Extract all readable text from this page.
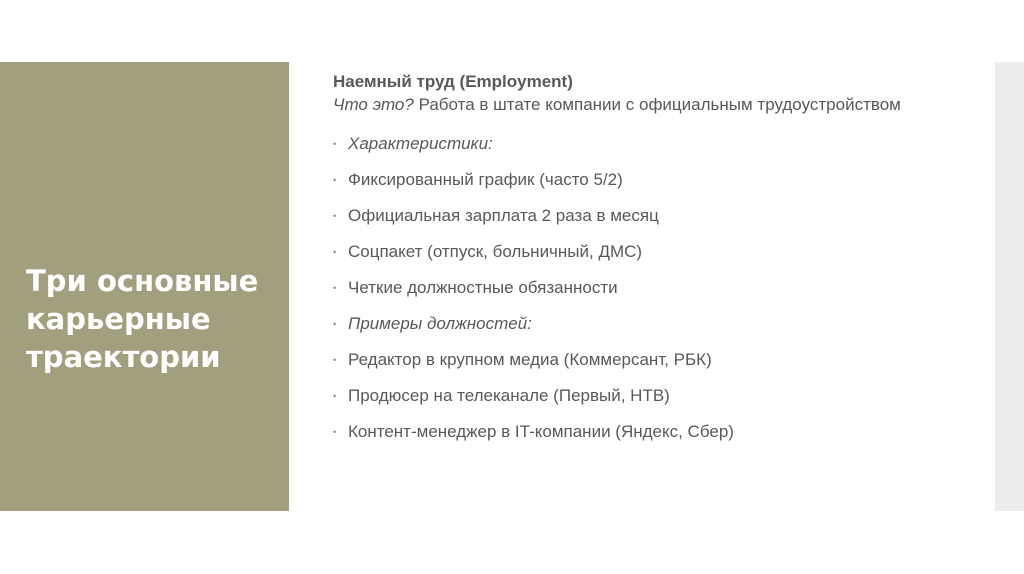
Три основные карьерные траектории
Наемный труд (Employment)
Что это? Работа в штате компании с официальным трудоустройством
• Характеристики:
• Фиксированный график (часто 5/2)
• Официальная зарплата 2 раза в месяц
• Соцпакет (отпуск, больничный, ДМС)
• Четкие должностные обязанности
• Примеры должностей:
• Редактор в крупном медиа (Коммерсант, РБК)
• Продюсер на телеканале (Первый, НТВ)
• Контент-менеджер в IT-компании (Яндекс, Сбер)
